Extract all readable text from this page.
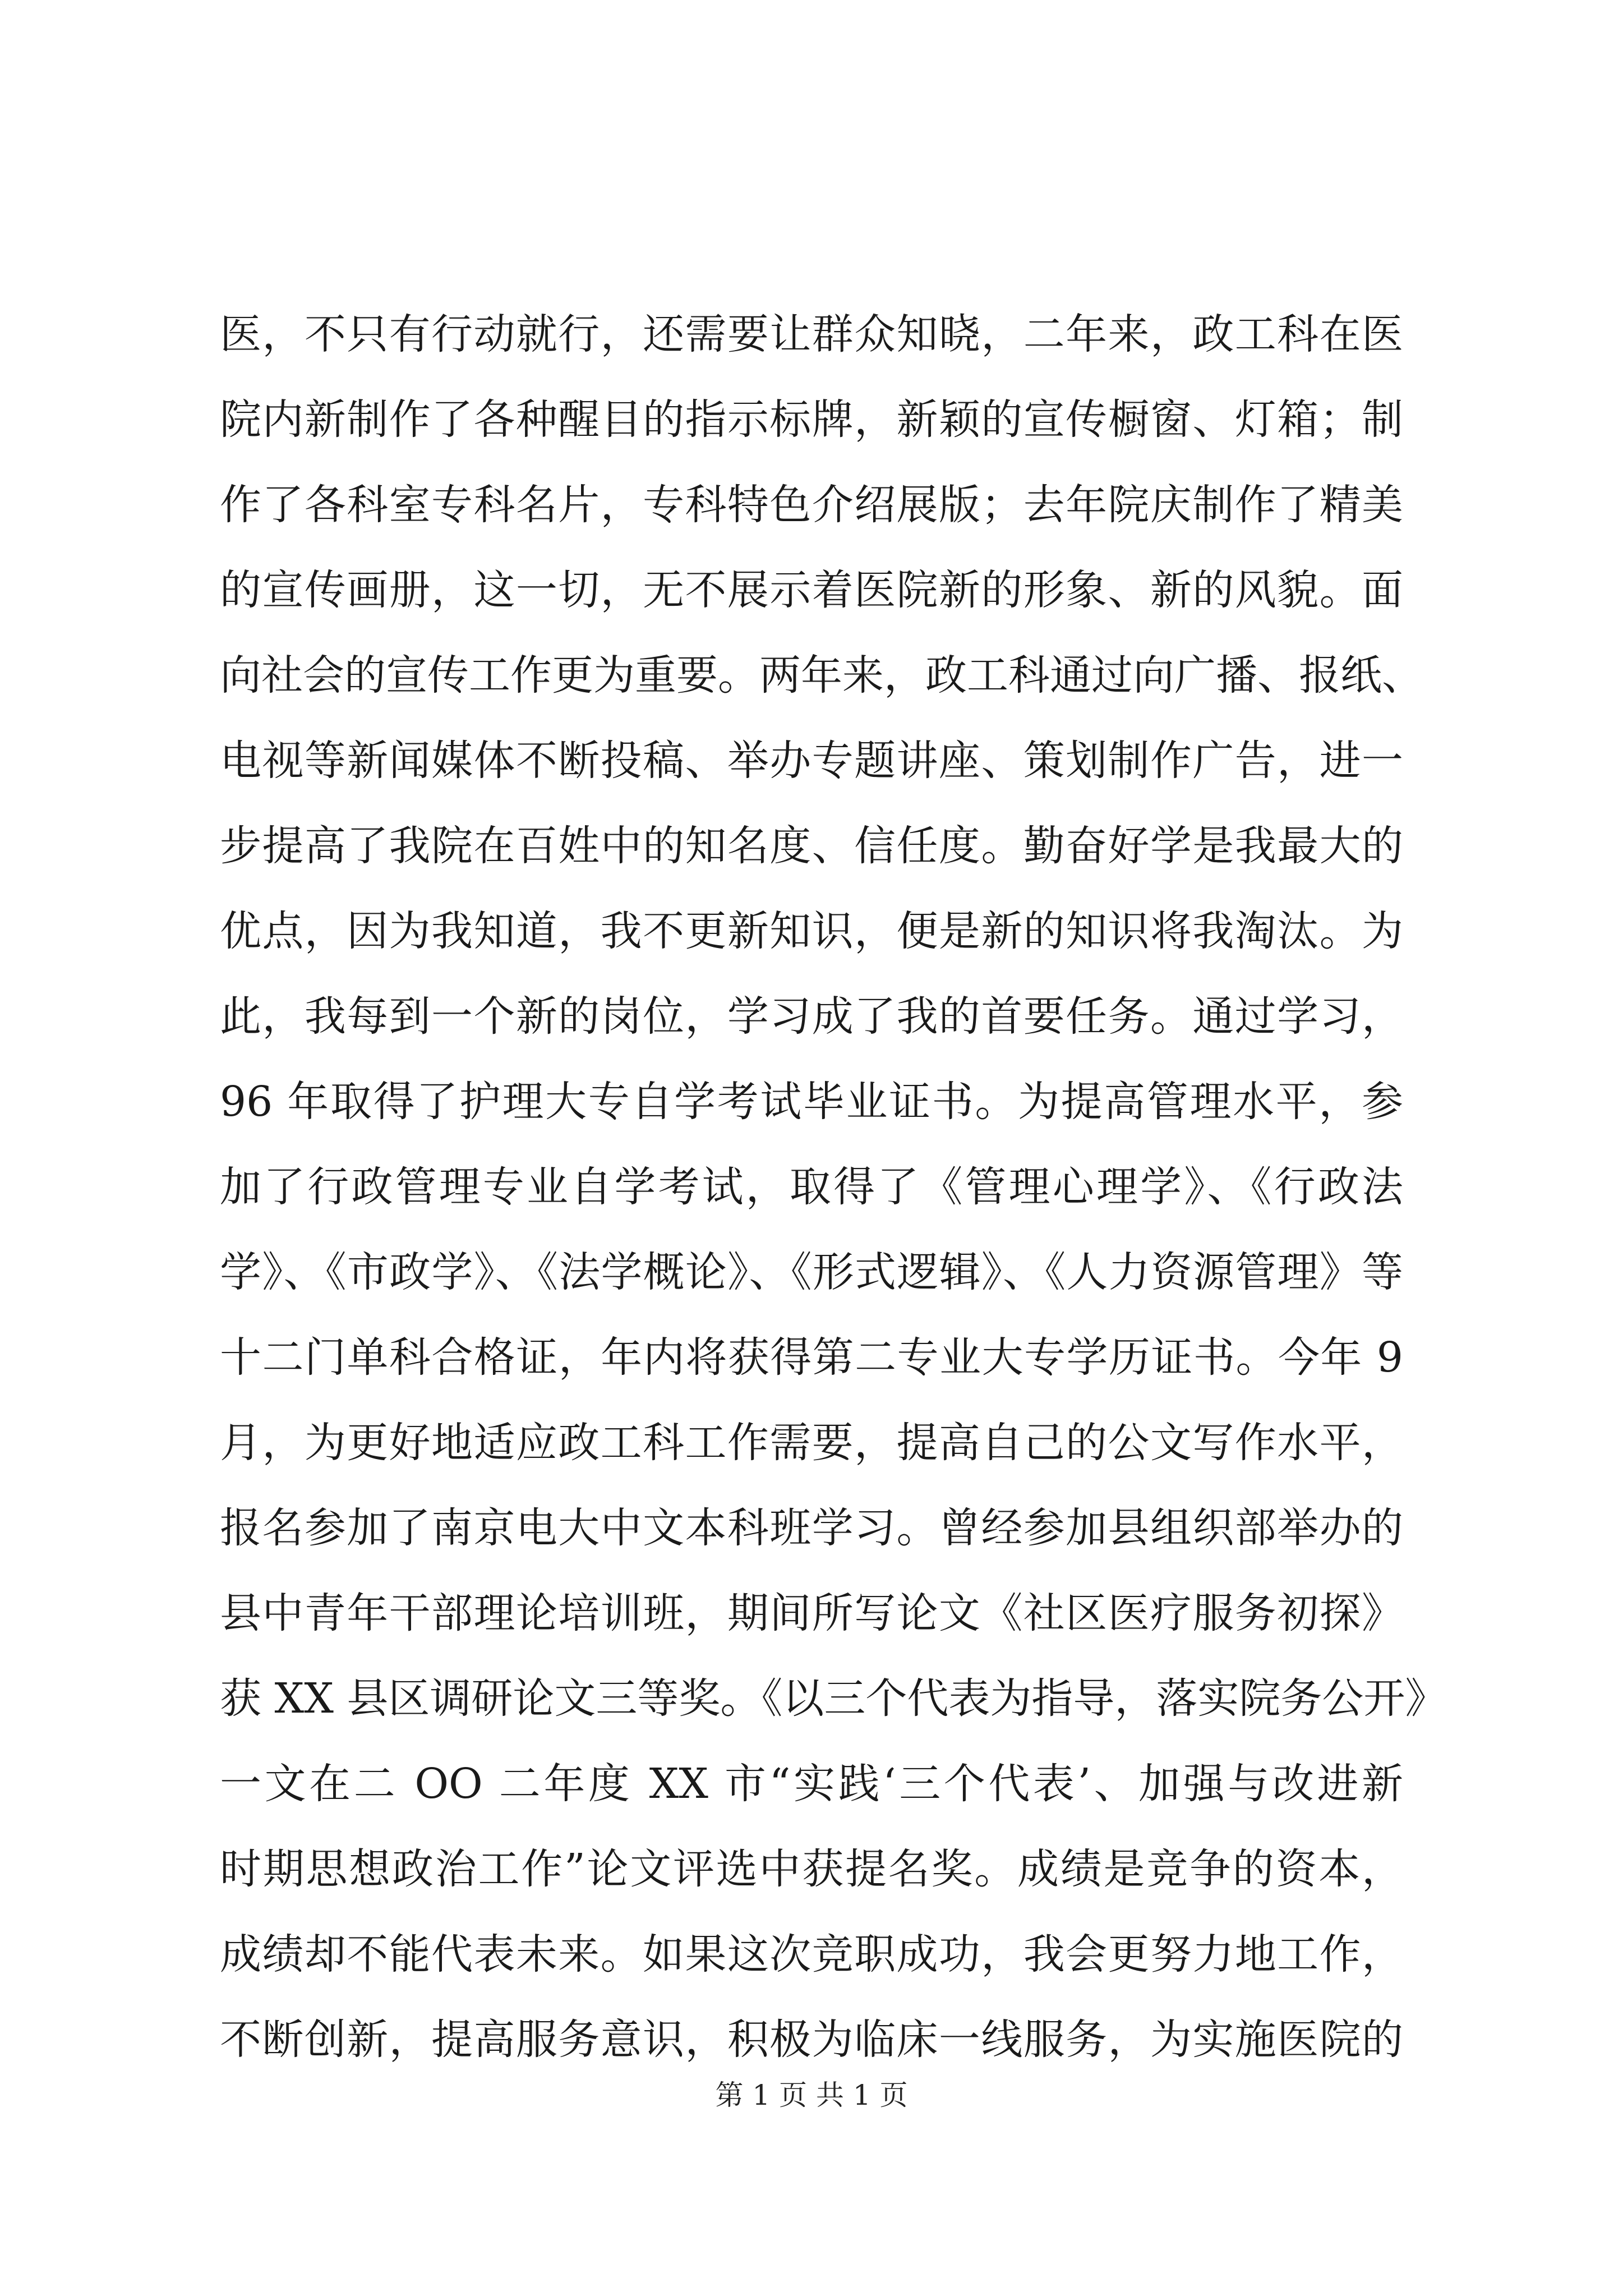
医，不只有行动就行，还需要让群众知晓，二年来，政工科在医
院内新制作了各种醒目的指示标牌，新颖的宣传橱窗、灯箱；制
作了各科室专科名片，专科特色介绍展版；去年院庆制作了精美
的宣传画册，这一切，无不展示着医院新的形象、新的风貌。面
向社会的宣传工作更为重要。两年来，政工科通过向广播、报纸、
电视等新闻媒体不断投稿、举办专题讲座、策划制作广告，进一
步提高了我院在百姓中的知名度、信任度。勤奋好学是我最大的
优点，因为我知道，我不更新知识，便是新的知识将我淘汰。为
此，我每到一个新的岗位，学习成了我的首要任务。通过学习，
96 年取得了护理大专自学考试毕业证书。为提高管理水平，参
加了行政管理专业自学考试，取得了《管理心理学》、《行政法
学》、《市政学》、《法学概论》、《形式逻辑》、《人力资源管理》等
十二门单科合格证，年内将获得第二专业大专学历证书。今年 9
月，为更好地适应政工科工作需要，提高自己的公文写作水平，
报名参加了南京电大中文本科班学习。曾经参加县组织部举办的
县中青年干部理论培训班，期间所写论文《社区医疗服务初探》
获 XX 县区调研论文三等奖。《以三个代表为指导，落实院务公开》
一文在二 OO 二年度 XX 市“实践‘三个代表’、加强与改进新
时期思想政治工作”论文评选中获提名奖。成绩是竞争的资本，
成绩却不能代表未来。如果这次竞职成功，我会更努力地工作，
不断创新，提高服务意识，积极为临床一线服务，为实施医院的
第 1 页 共 1 页
